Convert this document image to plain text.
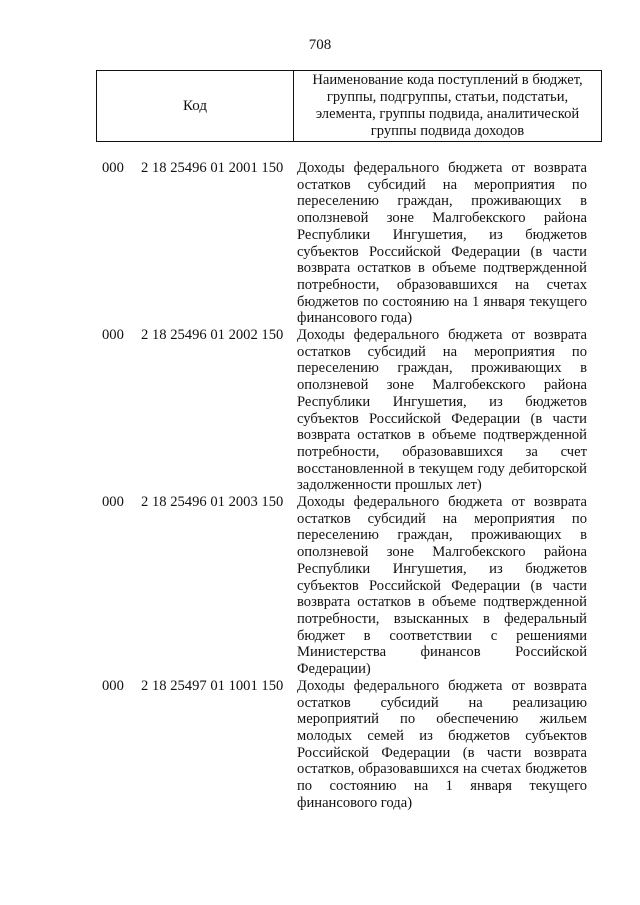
708
Код
Наименование кода поступлений в бюджет, группы, подгруппы, статьи, подстатьи, элемента, группы подвида, аналитической группы подвида доходов
000 2 18 25496 01 2001 150 Доходы федерального бюджета от возврата остатков субсидий на мероприятия по переселению граждан, проживающих в оползневой зоне Малгобекского района Республики Ингушетия, из бюджетов субъектов Российской Федерации (в части возврата остатков в объеме подтвержденной потребности, образовавшихся на счетах бюджетов по состоянию на 1 января текущего финансового года)
000 2 18 25496 01 2002 150 Доходы федерального бюджета от возврата остатков субсидий на мероприятия по переселению граждан, проживающих в оползневой зоне Малгобекского района Республики Ингушетия, из бюджетов субъектов Российской Федерации (в части возврата остатков в объеме подтвержденной потребности, образовавшихся за счет восстановленной в текущем году дебиторской задолженности прошлых лет)
000 2 18 25496 01 2003 150 Доходы федерального бюджета от возврата остатков субсидий на мероприятия по переселению граждан, проживающих в оползневой зоне Малгобекского района Республики Ингушетия, из бюджетов субъектов Российской Федерации (в части возврата остатков в объеме подтвержденной потребности, взысканных в федеральный бюджет в соответствии с решениями Министерства финансов Российской Федерации)
000 2 18 25497 01 1001 150 Доходы федерального бюджета от возврата остатков субсидий на реализацию мероприятий по обеспечению жильем молодых семей из бюджетов субъектов Российской Федерации (в части возврата остатков, образовавшихся на счетах бюджетов по состоянию на 1 января текущего финансового года)
